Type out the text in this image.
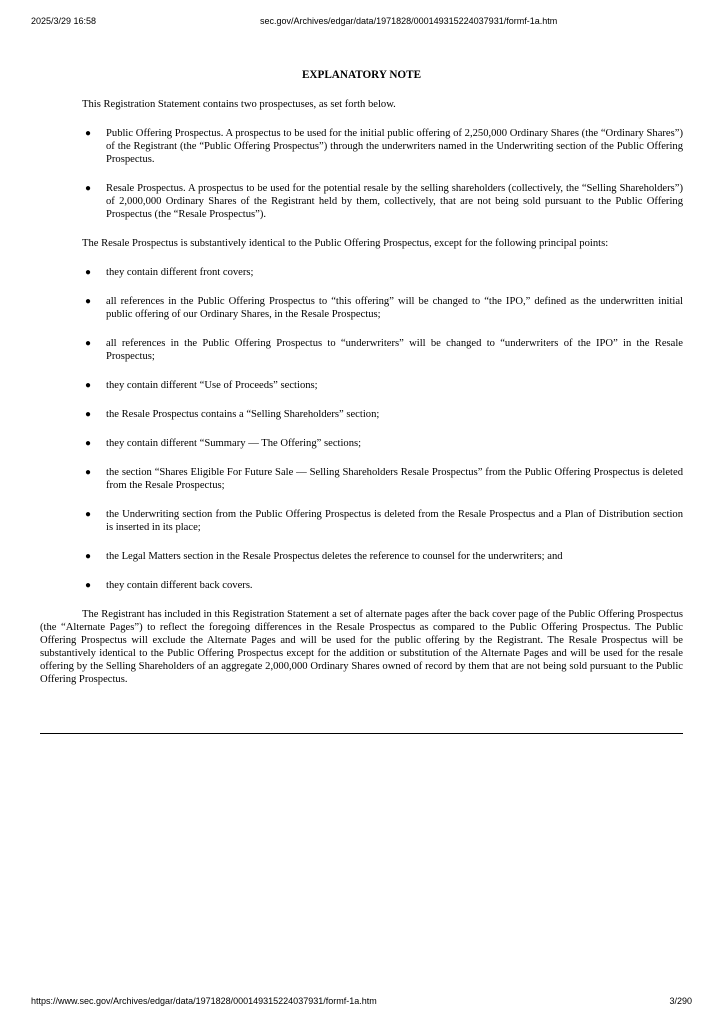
2025/3/29 16:58	sec.gov/Archives/edgar/data/1971828/000149315224037931/formf-1a.htm
EXPLANATORY NOTE

This Registration Statement contains two prospectuses, as set forth below.

● Public Offering Prospectus. A prospectus to be used for the initial public offering of 2,250,000 Ordinary Shares (the “Ordinary Shares”) of the Registrant (the “Public Offering Prospectus”) through the underwriters named in the Underwriting section of the Public Offering Prospectus.
● Resale Prospectus. A prospectus to be used for the potential resale by the selling shareholders (collectively, the “Selling Shareholders”) of 2,000,000 Ordinary Shares of the Registrant held by them, collectively, that are not being sold pursuant to the Public Offering Prospectus (the “Resale Prospectus”).

The Resale Prospectus is substantively identical to the Public Offering Prospectus, except for the following principal points:

● they contain different front covers;
● all references in the Public Offering Prospectus to “this offering” will be changed to “the IPO,” defined as the underwritten initial public offering of our Ordinary Shares, in the Resale Prospectus;
● all references in the Public Offering Prospectus to “underwriters” will be changed to “underwriters of the IPO” in the Resale Prospectus;
● they contain different “Use of Proceeds” sections;
● the Resale Prospectus contains a “Selling Shareholders” section;
● they contain different “Summary — The Offering” sections;
● the section “Shares Eligible For Future Sale — Selling Shareholders Resale Prospectus” from the Public Offering Prospectus is deleted from the Resale Prospectus;
● the Underwriting section from the Public Offering Prospectus is deleted from the Resale Prospectus and a Plan of Distribution section is inserted in its place;
● the Legal Matters section in the Resale Prospectus deletes the reference to counsel for the underwriters; and
● they contain different back covers.

The Registrant has included in this Registration Statement a set of alternate pages after the back cover page of the Public Offering Prospectus (the “Alternate Pages”) to reflect the foregoing differences in the Resale Prospectus as compared to the Public Offering Prospectus. The Public Offering Prospectus will exclude the Alternate Pages and will be used for the public offering by the Registrant. The Resale Prospectus will be substantively identical to the Public Offering Prospectus except for the addition or substitution of the Alternate Pages and will be used for the resale offering by the Selling Shareholders of an aggregate 2,000,000 Ordinary Shares owned of record by them that are not being sold pursuant to the Public Offering Prospectus.

https://www.sec.gov/Archives/edgar/data/1971828/000149315224037931/formf-1a.htm	3/290
